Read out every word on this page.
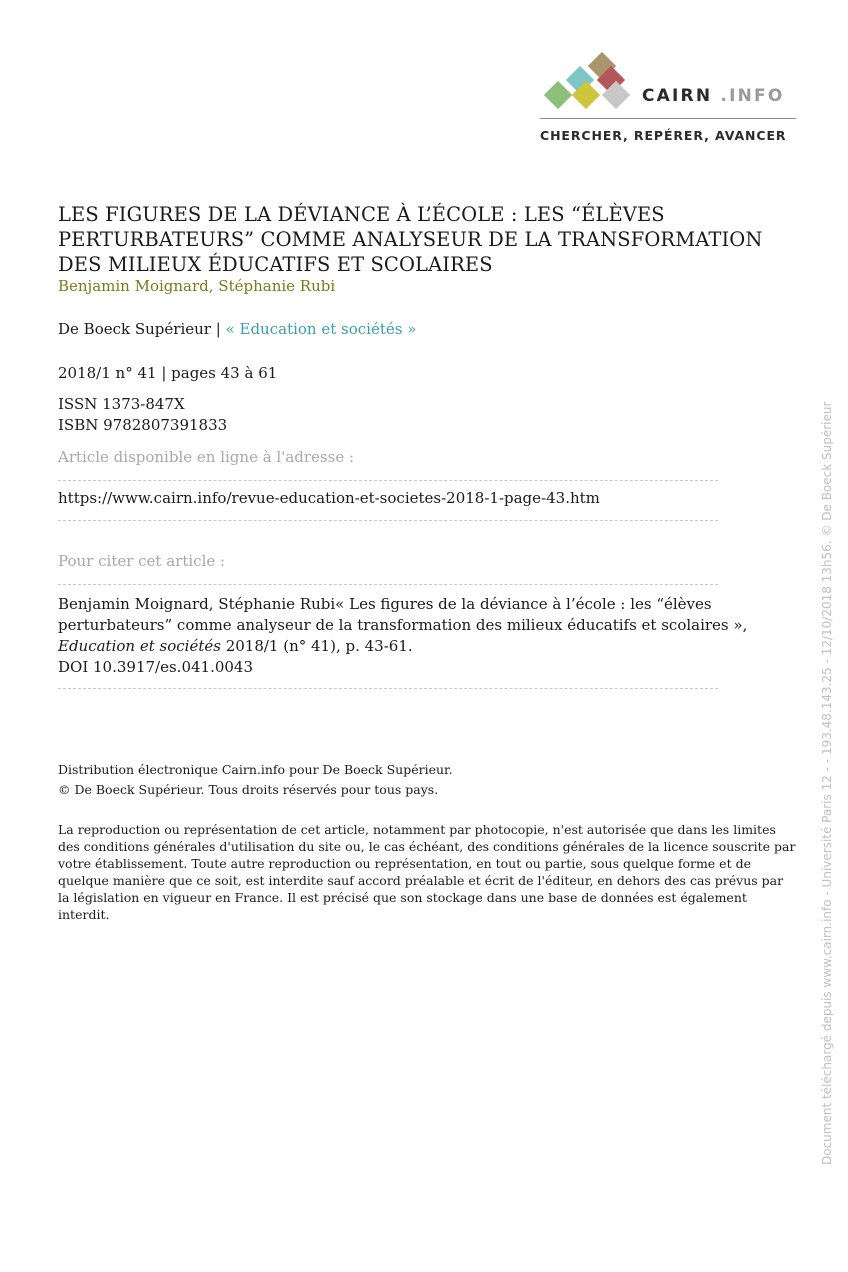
CAIRN .INFO
CHERCHER, REPÉRER, AVANCER
LES FIGURES DE LA DÉVIANCE À L’ÉCOLE : LES “ÉLÈVES PERTURBATEURS” COMME ANALYSEUR DE LA TRANSFORMATION DES MILIEUX ÉDUCATIFS ET SCOLAIRES
Benjamin Moignard, Stéphanie Rubi
De Boeck Supérieur | « Education et sociétés »
2018/1 n° 41 | pages 43 à 61
ISSN 1373-847X
ISBN 9782807391833
Article disponible en ligne à l'adresse :
https://www.cairn.info/revue-education-et-societes-2018-1-page-43.htm
Pour citer cet article :
Benjamin Moignard, Stéphanie Rubi« Les figures de la déviance à l’école : les “élèves perturbateurs” comme analyseur de la transformation des milieux éducatifs et scolaires », Education et sociétés 2018/1 (n° 41), p. 43-61.
DOI 10.3917/es.041.0043
Distribution électronique Cairn.info pour De Boeck Supérieur.
© De Boeck Supérieur. Tous droits réservés pour tous pays.
La reproduction ou représentation de cet article, notamment par photocopie, n'est autorisée que dans les limites des conditions générales d'utilisation du site ou, le cas échéant, des conditions générales de la licence souscrite par votre établissement. Toute autre reproduction ou représentation, en tout ou partie, sous quelque forme et de quelque manière que ce soit, est interdite sauf accord préalable et écrit de l'éditeur, en dehors des cas prévus par la législation en vigueur en France. Il est précisé que son stockage dans une base de données est également interdit.	Document téléchargé depuis www.cairn.info - Université Paris 12 - - 193.48.143.25 - 12/10/2018 13h56. © De Boeck Supérieur
